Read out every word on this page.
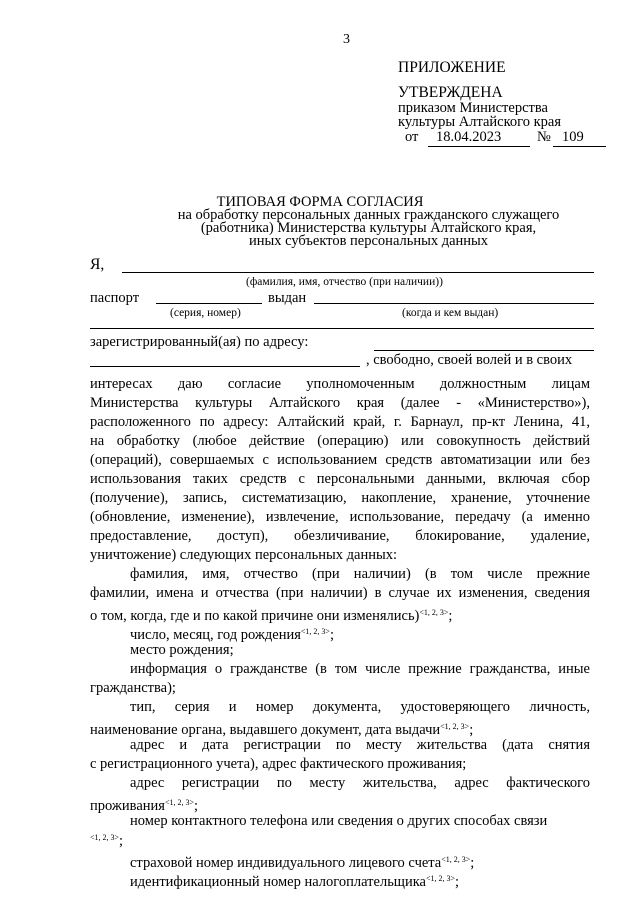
3
ПРИЛОЖЕНИЕ
УТВЕРЖДЕНА
приказом Министерства
культуры Алтайского края
от 18.04.2023 № 109
ТИПОВАЯ ФОРМА СОГЛАСИЯ
на обработку персональных данных гражданского служащего
(работника) Министерства культуры Алтайского края,
иных субъектов персональных данных
Я,
(фамилия, имя, отчество (при наличии))
паспорт	выдан
(серия, номер)	(когда и кем выдан)
зарегистрированный(ая) по адресу:
, свободно, своей волей и в своих
интересах даю согласие уполномоченным должностным лицам
Министерства культуры Алтайского края (далее - «Министерство»),
расположенного по адресу: Алтайский край, г. Барнаул, пр-кт Ленина, 41,
на обработку (любое действие (операцию) или совокупность действий
(операций), совершаемых с использованием средств автоматизации или без
использования таких средств с персональными данными, включая сбор
(получение), запись, систематизацию, накопление, хранение, уточнение
(обновление, изменение), извлечение, использование, передачу (а именно
предоставление, доступ), обезличивание, блокирование, удаление,
уничтожение) следующих персональных данных:
фамилия, имя, отчество (при наличии) (в том числе прежние
фамилии, имена и отчества (при наличии) в случае их изменения, сведения
о том, когда, где и по какой причине они изменялись)$^{<1, 2, 3>}$;
число, месяц, год рождения$^{<1, 2, 3>}$;
место рождения;
информация о гражданстве (в том числе прежние гражданства, иные
гражданства);
тип, серия и номер документа, удостоверяющего личность,
наименование органа, выдавшего документ, дата выдачи$^{<1, 2, 3>}$;
адрес и дата регистрации по месту жительства (дата снятия
с регистрационного учета), адрес фактического проживания;
адрес регистрации по месту жительства, адрес фактического
проживания$^{<1, 2, 3>}$;
номер контактного телефона или сведения о других способах связи
$^{<1, 2, 3>}$;
страховой номер индивидуального лицевого счета$^{<1, 2, 3>}$;
идентификационный номер налогоплательщика$^{<1, 2, 3>}$;
